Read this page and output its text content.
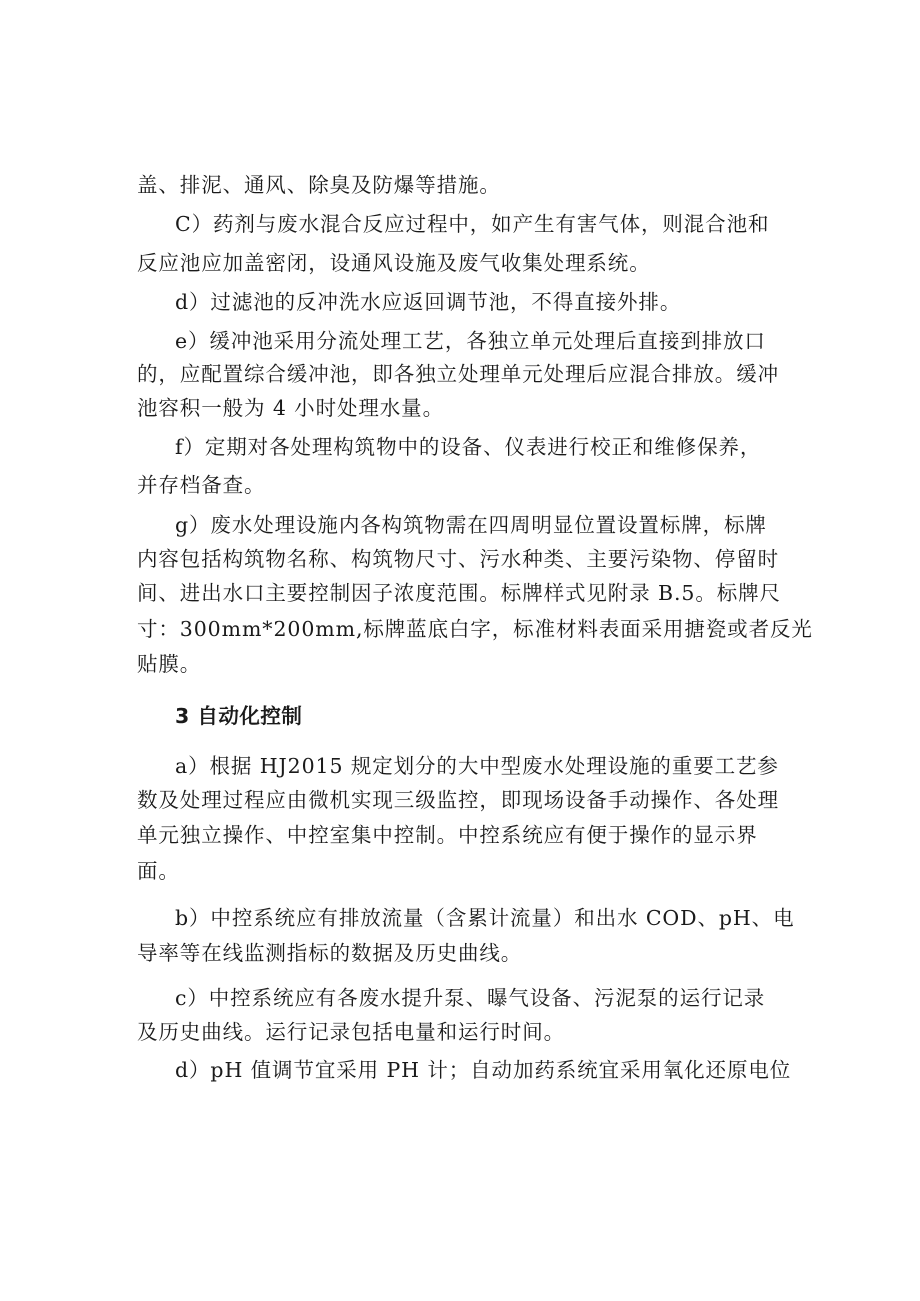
盖、排泥、通风、除臭及防爆等措施。

C）药剂与废水混合反应过程中，如产生有害气体，则混合池和

反应池应加盖密闭，设通风设施及废气收集处理系统。

d）过滤池的反冲洗水应返回调节池，不得直接外排。

e）缓冲池采用分流处理工艺，各独立单元处理后直接到排放口

的，应配置综合缓冲池，即各独立处理单元处理后应混合排放。缓冲

池容积一般为 4 小时处理水量。

f）定期对各处理构筑物中的设备、仪表进行校正和维修保养，

并存档备查。

g）废水处理设施内各构筑物需在四周明显位置设置标牌，标牌

内容包括构筑物名称、构筑物尺寸、污水种类、主要污染物、停留时

间、进出水口主要控制因子浓度范围。标牌样式见附录 B.5。标牌尺

寸：300mm*200mm,标牌蓝底白字，标准材料表面采用搪瓷或者反光

贴膜。

3 自动化控制

a）根据 HJ2015 规定划分的大中型废水处理设施的重要工艺参

数及处理过程应由微机实现三级监控，即现场设备手动操作、各处理

单元独立操作、中控室集中控制。中控系统应有便于操作的显示界

面。

b）中控系统应有排放流量（含累计流量）和出水 COD、pH、电

导率等在线监测指标的数据及历史曲线。

c）中控系统应有各废水提升泵、曝气设备、污泥泵的运行记录

及历史曲线。运行记录包括电量和运行时间。

d）pH 值调节宜采用 PH 计；自动加药系统宜采用氧化还原电位
